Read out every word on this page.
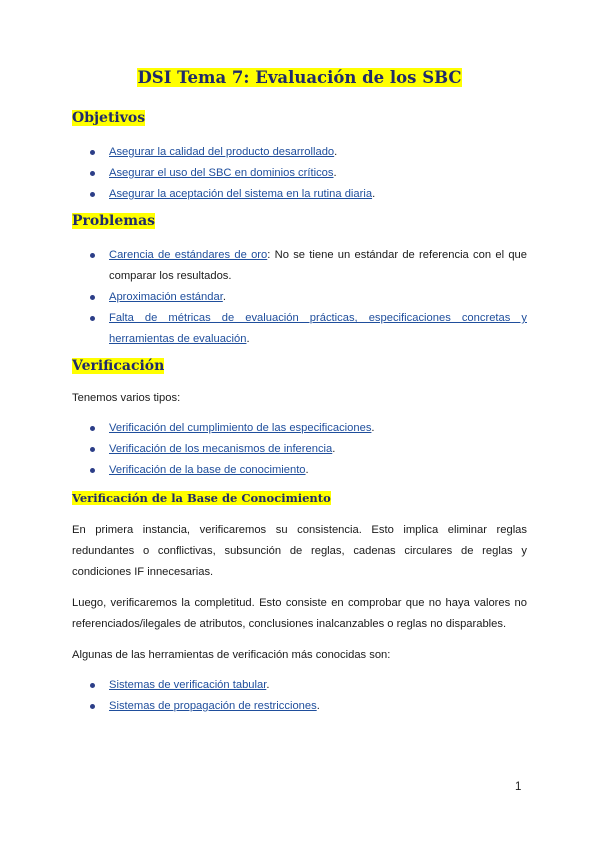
DSI Tema 7: Evaluación de los SBC
Objetivos
Asegurar la calidad del producto desarrollado.
Asegurar el uso del SBC en dominios críticos.
Asegurar la aceptación del sistema en la rutina diaria.
Problemas
Carencia de estándares de oro: No se tiene un estándar de referencia con el que comparar los resultados.
Aproximación estándar.
Falta de métricas de evaluación prácticas, especificaciones concretas y herramientas de evaluación.
Verificación

Tenemos varios tipos:

Verificación del cumplimiento de las especificaciones.
Verificación de los mecanismos de inferencia.
Verificación de la base de conocimiento.
Verificación de la Base de Conocimiento

En primera instancia, verificaremos su consistencia. Esto implica eliminar reglas redundantes o conflictivas, subsunción de reglas, cadenas circulares de reglas y condiciones IF innecesarias.

Luego, verificaremos la completitud. Esto consiste en comprobar que no haya valores no referenciados/ilegales de atributos, conclusiones inalcanzables o reglas no disparables.

Algunas de las herramientas de verificación más conocidas son:

Sistemas de verificación tabular.
Sistemas de propagación de restricciones.
1
